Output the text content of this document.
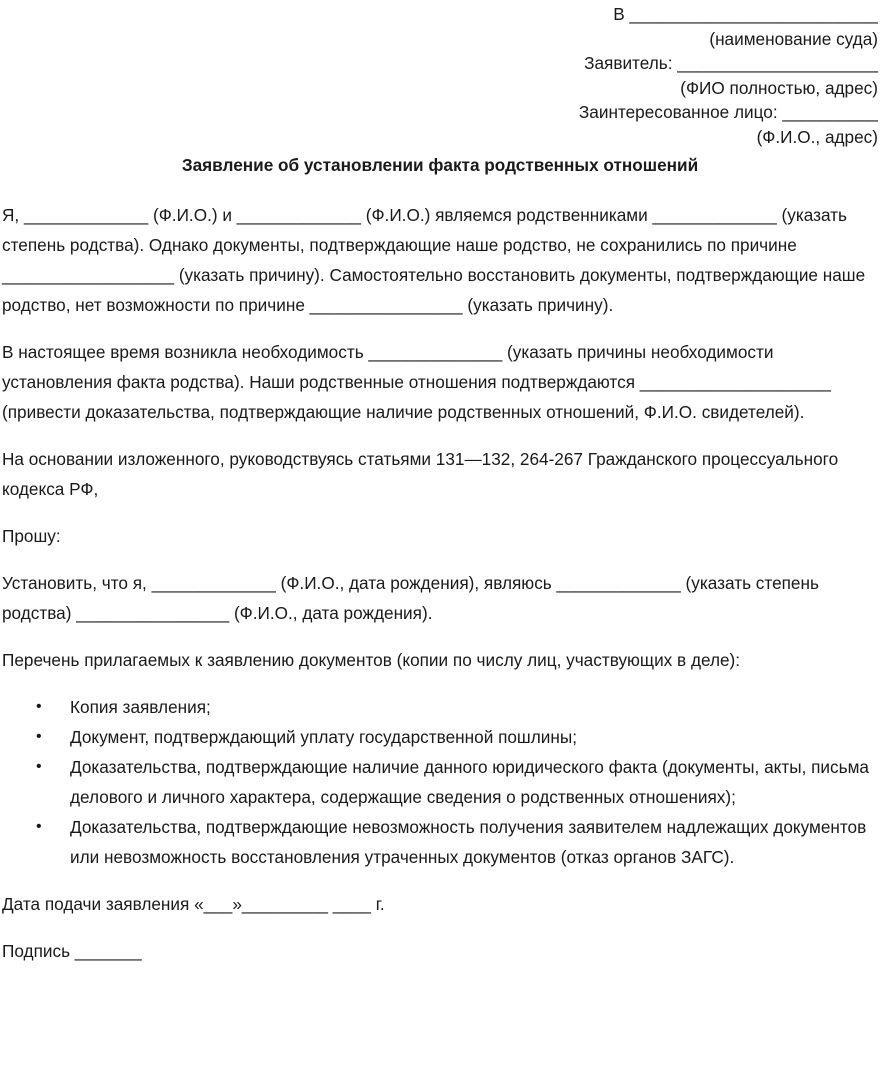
В __________________________
(наименование суда)
Заявитель: _____________________
(ФИО полностью, адрес)
Заинтересованное лицо: __________
(Ф.И.О., адрес)
Заявление об установлении факта родственных отношений

Я, _____________ (Ф.И.О.) и _____________ (Ф.И.О.) являемся родственниками _____________ (указать степень родства). Однако документы, подтверждающие наше родство, не сохранились по причине __________________ (указать причину). Самостоятельно восстановить документы, подтверждающие наше родство, нет возможности по причине ________________ (указать причину).

В настоящее время возникла необходимость ______________ (указать причины необходимости установления факта родства). Наши родственные отношения подтверждаются ____________________ (привести доказательства, подтверждающие наличие родственных отношений, Ф.И.О. свидетелей).

На основании изложенного, руководствуясь статьями 131—132, 264-267 Гражданского процессуального кодекса РФ,

Прошу:

Установить, что я, _____________ (Ф.И.О., дата рождения), являюсь _____________ (указать степень родства) ________________ (Ф.И.О., дата рождения).

Перечень прилагаемых к заявлению документов (копии по числу лиц, участвующих в деле):

• Копия заявления;
• Документ, подтверждающий уплату государственной пошлины;
• Доказательства, подтверждающие наличие данного юридического факта (документы, акты, письма делового и личного характера, содержащие сведения о родственных отношениях);
• Доказательства, подтверждающие невозможность получения заявителем надлежащих документов или невозможность восстановления утраченных документов (отказ органов ЗАГС).

Дата подачи заявления «___»_________ ____ г.

Подпись _______
